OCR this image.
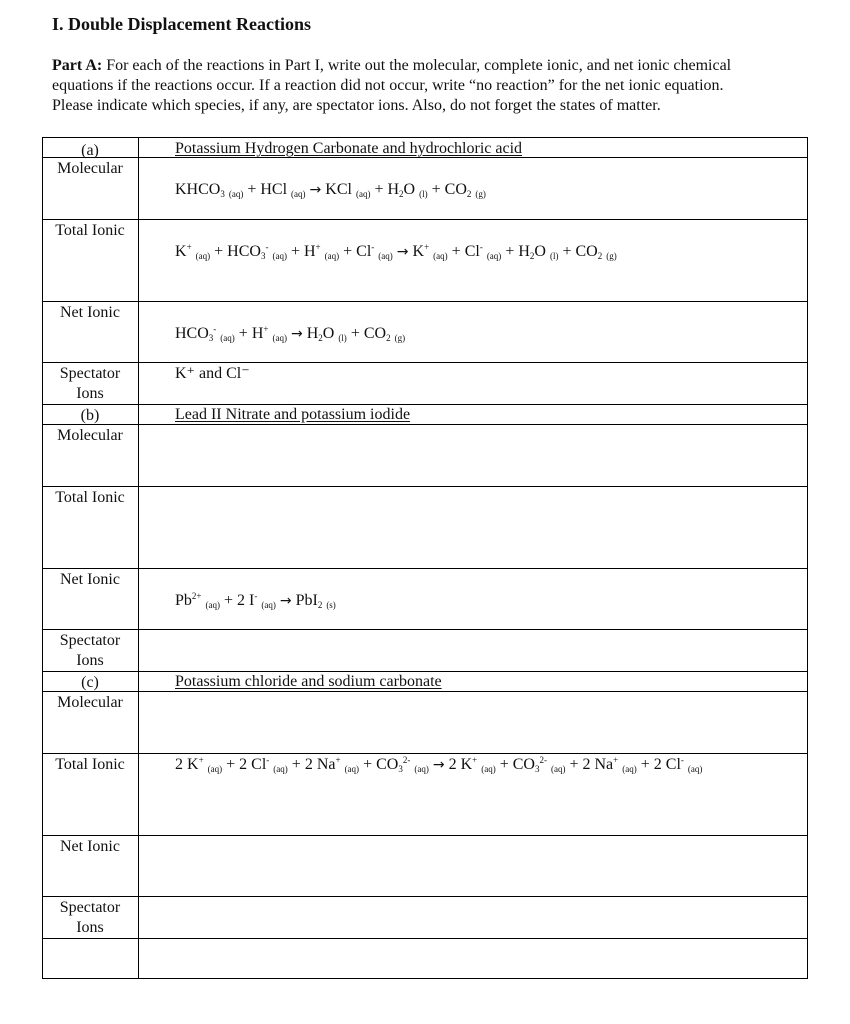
I. Double Displacement Reactions
Part A: For each of the reactions in Part I, write out the molecular, complete ionic, and net ionic chemical
equations if the reactions occur. If a reaction did not occur, write “no reaction” for the net ionic equation.
Please indicate which species, if any, are spectator ions. Also, do not forget the states of matter.
(a)
Molecular
Potassium Hydrogen Carbonate and hydrochloric acid
$KHCO_3$ (aq) + HCl (aq) → KCl $(aq) + H_2O$ $(l) + CO_2$ (g)
Total Ionic
K+ $(aq) + HCO_3^-$ (aq) + H+ (aq) + Cl- (aq) → K+ (aq) + Cl- $(aq) + H_2O$ $(l) + CO_2$ (g)
Net Ionic
$HCO_3^-$ (aq) + H+ $(aq) \to H_2O$ $(l) + CO_2$ (g)
Spectator
Ions
K⁺ and Cl⁻
(b)
Molecular
Lead II Nitrate and potassium iodide
Total Ionic
Net Ionic
$Pb^{2+}$ (aq) + 2 I- (aq) → PbI$_2$ (s)
Spectator
Ions
(c)
Molecular
Potassium chloride and sodium carbonate
Total Ionic	2 K+ (aq) + 2 Cl- (aq) + 2 Na+ $(aq) + CO_3^{2-}$ (aq) → 2 K+ $(aq) + CO_3^{2-}$ (aq) + 2 Na+ (aq) + 2 Cl- (aq)
Net Ionic
Spectator
Ions
